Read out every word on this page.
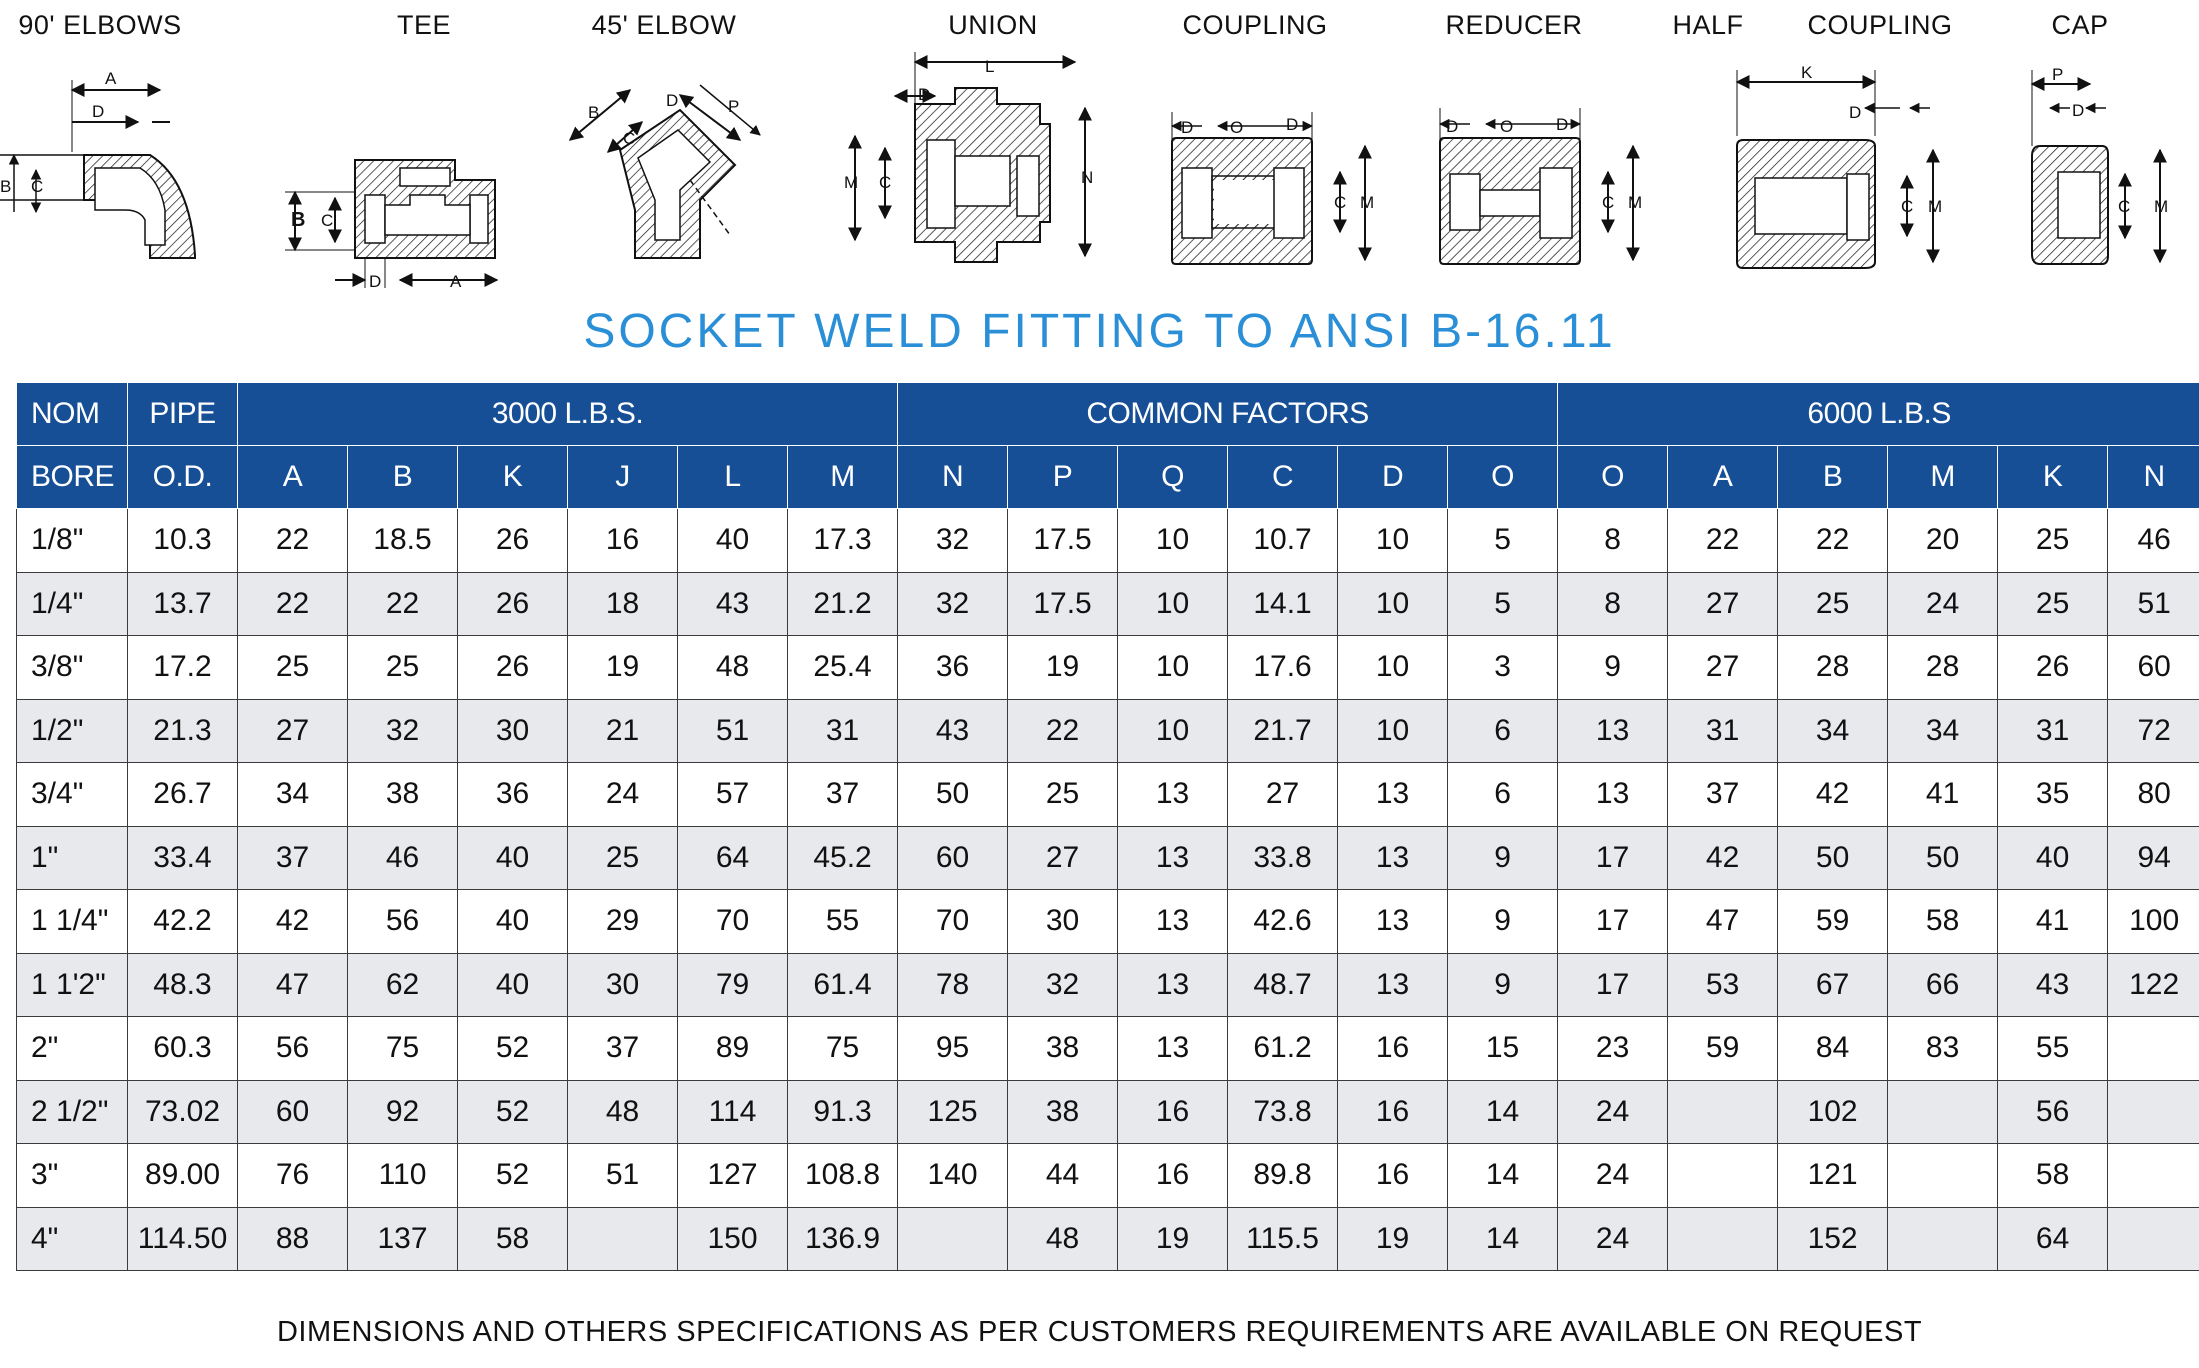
90' ELBOWS
A
D
B C
TEE
B C
D	A
45' ELBOW
B
C
D	P
UNION
L
D
M C	N
COUPLING
D O	D
C M
REDUCER
D O	D
C M
HALF COUPLING
K
D
C M
CAP
P
D
C M
SOCKET WELD FITTING TO ANSI B-16.11
NOM	PIPE	3000 L.B.S.						COMMON FACTORS						6000 L.B.S					
BORE	O.D.	A	B	K	J	L	M	N	P	Q	C	D	O	O	A	B	M	K	N
1/8"	10.3	22	18.5	26	16	40	17.3	32	17.5	10	10.7	10	5	8	22	22	20	25	46
1/4"	13.7	22	22	26	18	43	21.2	32	17.5	10	14.1	10	5	8	27	25	24	25	51
3/8"	17.2	25	25	26	19	48	25.4	36	19	10	17.6	10	3	9	27	28	28	26	60
1/2"	21.3	27	32	30	21	51	31	43	22	10	21.7	10	6	13	31	34	34	31	72
3/4"	26.7	34	38	36	24	57	37	50	25	13	27	13	6	13	37	42	41	35	80
1"	33.4	37	46	40	25	64	45.2	60	27	13	33.8	13	9	17	42	50	50	40	94
1 1/4"	42.2	42	56	40	29	70	55	70	30	13	42.6	13	9	17	47	59	58	41	100
1 1'2"	48.3	47	62	40	30	79	61.4	78	32	13	48.7	13	9	17	53	67	66	43	122
2"	60.3	56	75	52	37	89	75	95	38	13	61.2	16	15	23	59	84	83	55	
2 1/2"	73.02	60	92	52	48	114	91.3	125	38	16	73.8	16	14	24		102		56	
3"	89.00	76	110	52	51	127	108.8	140	44	16	89.8	16	14	24		121		58	
4"	114.50	88	137	58		150	136.9		48	19	115.5	19	14	24		152		64	
DIMENSIONS AND OTHERS SPECIFICATIONS AS PER CUSTOMERS REQUIREMENTS ARE AVAILABLE ON REQUEST
